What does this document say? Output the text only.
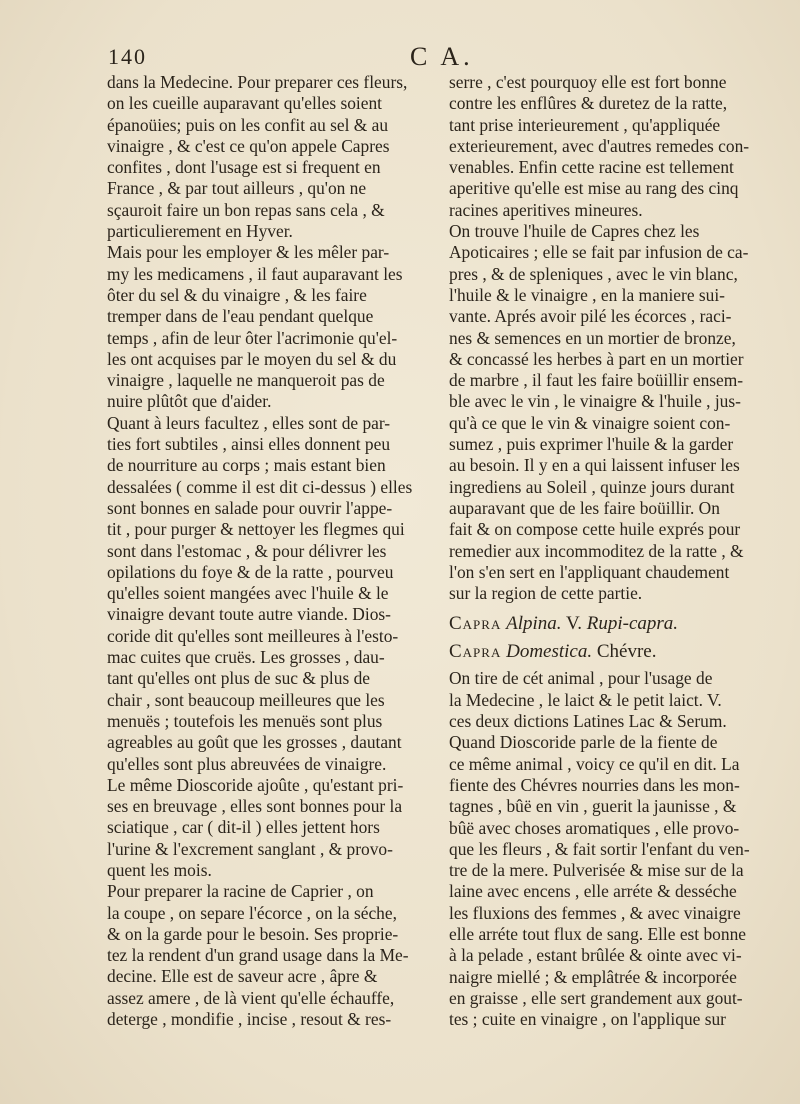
140	C A.
dans la Medecine. Pour preparer ces fleurs,
on les cueille auparavant qu'elles soient
épanoüies; puis on les confit au sel & au
vinaigre , & c'est ce qu'on appele Capres
confites , dont l'usage est si frequent en
France , & par tout ailleurs , qu'on ne
sçauroit faire un bon repas sans cela , &
particulierement en Hyver.
Mais pour les employer & les mêler par-
my les medicamens , il faut auparavant les
ôter du sel & du vinaigre , & les faire
tremper dans de l'eau pendant quelque
temps , afin de leur ôter l'acrimonie qu'el-
les ont acquises par le moyen du sel & du
vinaigre , laquelle ne manqueroit pas de
nuire plûtôt que d'aider.
Quant à leurs facultez , elles sont de par-
ties fort subtiles , ainsi elles donnent peu
de nourriture au corps ; mais estant bien
dessalées ( comme il est dit ci-dessus ) elles
sont bonnes en salade pour ouvrir l'appe-
tit , pour purger & nettoyer les flegmes qui
sont dans l'estomac , & pour délivrer les
opilations du foye & de la ratte , pourveu
qu'elles soient mangées avec l'huile & le
vinaigre devant toute autre viande. Dios-
coride dit qu'elles sont meilleures à l'esto-
mac cuites que cruës. Les grosses , dau-
tant qu'elles ont plus de suc & plus de
chair , sont beaucoup meilleures que les
menuës ; toutefois les menuës sont plus
agreables au goût que les grosses , dautant
qu'elles sont plus abreuvées de vinaigre.
Le même Dioscoride ajoûte , qu'estant pri-
ses en breuvage , elles sont bonnes pour la
sciatique , car ( dit-il ) elles jettent hors
l'urine & l'excrement sanglant , & provo-
quent les mois.
Pour preparer la racine de Caprier , on
la coupe , on separe l'écorce , on la séche,
& on la garde pour le besoin. Ses proprie-
tez la rendent d'un grand usage dans la Me-
decine. Elle est de saveur acre , âpre &
assez amere , de là vient qu'elle échauffe,
deterge , mondifie , incise , resout & res-
serre , c'est pourquoy elle est fort bonne
contre les enflûres & duretez de la ratte,
tant prise interieurement , qu'appliquée
exterieurement, avec d'autres remedes con-
venables. Enfin cette racine est tellement
aperitive qu'elle est mise au rang des cinq
racines aperitives mineures.
On trouve l'huile de Capres chez les
Apoticaires ; elle se fait par infusion de ca-
pres , & de spleniques , avec le vin blanc,
l'huile & le vinaigre , en la maniere sui-
vante. Aprés avoir pilé les écorces , raci-
nes & semences en un mortier de bronze,
& concassé les herbes à part en un mortier
de marbre , il faut les faire boüillir ensem-
ble avec le vin , le vinaigre & l'huile , jus-
qu'à ce que le vin & vinaigre soient con-
sumez , puis exprimer l'huile & la garder
au besoin. Il y en a qui laissent infuser les
ingrediens au Soleil , quinze jours durant
auparavant que de les faire boüillir. On
fait & on compose cette huile exprés pour
remedier aux incommoditez de la ratte , &
l'on s'en sert en l'appliquant chaudement
sur la region de cette partie.
Capra Alpina. V. Rupi-capra.
Capra Domestica. Chévre.
On tire de cét animal , pour l'usage de
la Medecine , le laict & le petit laict. V.
ces deux dictions Latines Lac & Serum.
Quand Dioscoride parle de la fiente de
ce même animal , voicy ce qu'il en dit. La
fiente des Chévres nourries dans les mon-
tagnes , bûë en vin , guerit la jaunisse , &
bûë avec choses aromatiques , elle provo-
que les fleurs , & fait sortir l'enfant du ven-
tre de la mere. Pulverisée & mise sur de la
laine avec encens , elle arréte & desséche
les fluxions des femmes , & avec vinaigre
elle arréte tout flux de sang. Elle est bonne
à la pelade , estant brûlée & ointe avec vi-
naigre miellé ; & emplâtrée & incorporée
en graisse , elle sert grandement aux gout-
tes ; cuite en vinaigre , on l'applique sur
